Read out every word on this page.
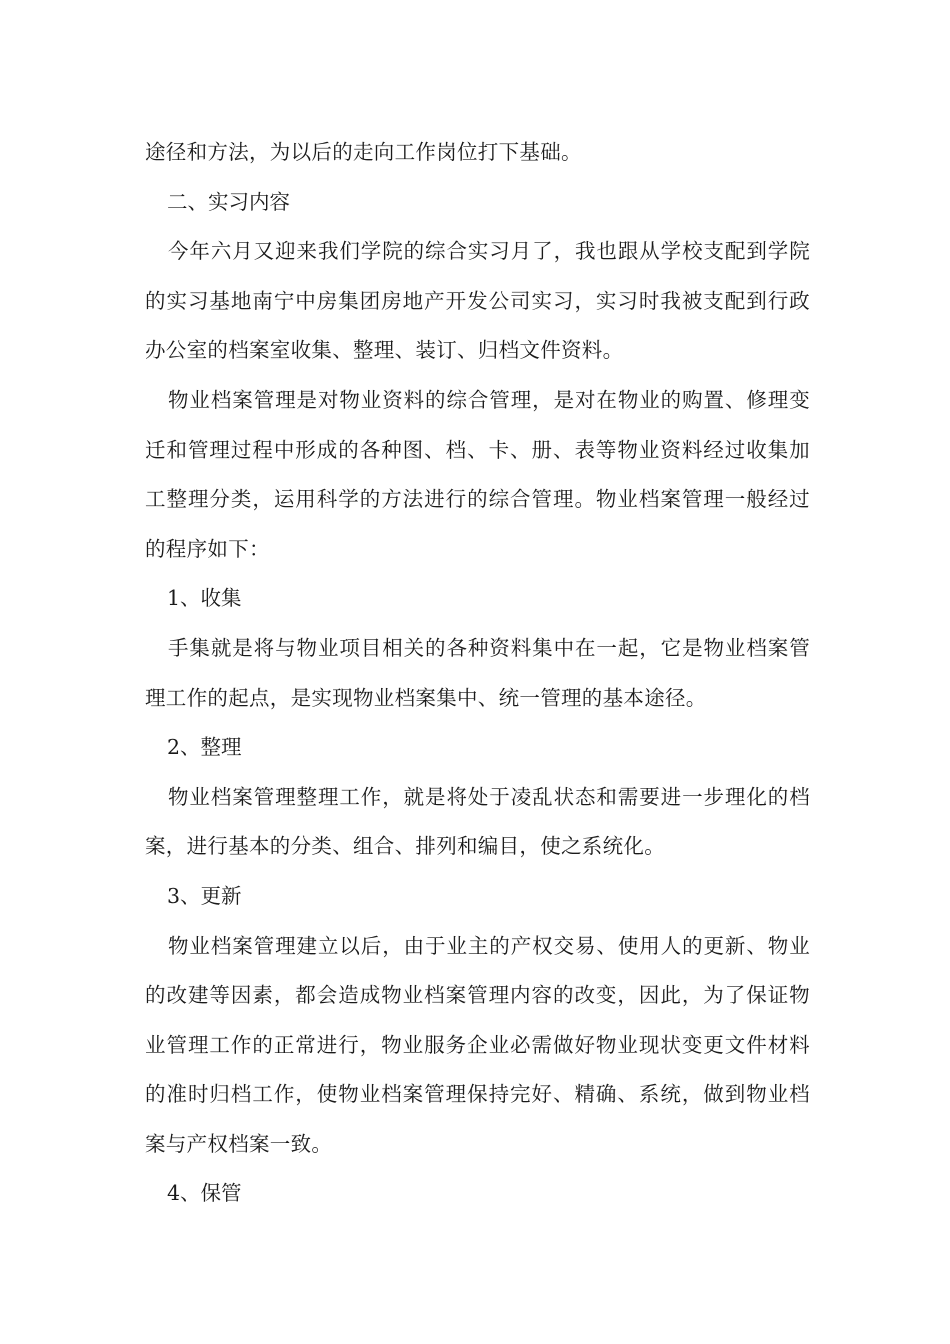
途径和方法，为以后的走向工作岗位打下基础。

二、实习内容

今年六月又迎来我们学院的综合实习月了，我也跟从学校支配到学院的实习基地南宁中房集团房地产开发公司实习，实习时我被支配到行政办公室的档案室收集、整理、装订、归档文件资料。

物业档案管理是对物业资料的综合管理，是对在物业的购置、修理变迁和管理过程中形成的各种图、档、卡、册、表等物业资料经过收集加工整理分类，运用科学的方法进行的综合管理。物业档案管理一般经过的程序如下：

1、收集

手集就是将与物业项目相关的各种资料集中在一起，它是物业档案管理工作的起点，是实现物业档案集中、统一管理的基本途径。

2、整理

物业档案管理整理工作，就是将处于凌乱状态和需要进一步理化的档案，进行基本的分类、组合、排列和编目，使之系统化。

3、更新

物业档案管理建立以后，由于业主的产权交易、使用人的更新、物业的改建等因素，都会造成物业档案管理内容的改变，因此，为了保证物业管理工作的正常进行，物业服务企业必需做好物业现状变更文件材料的准时归档工作，使物业档案管理保持完好、精确、系统，做到物业档案与产权档案一致。

4、保管
